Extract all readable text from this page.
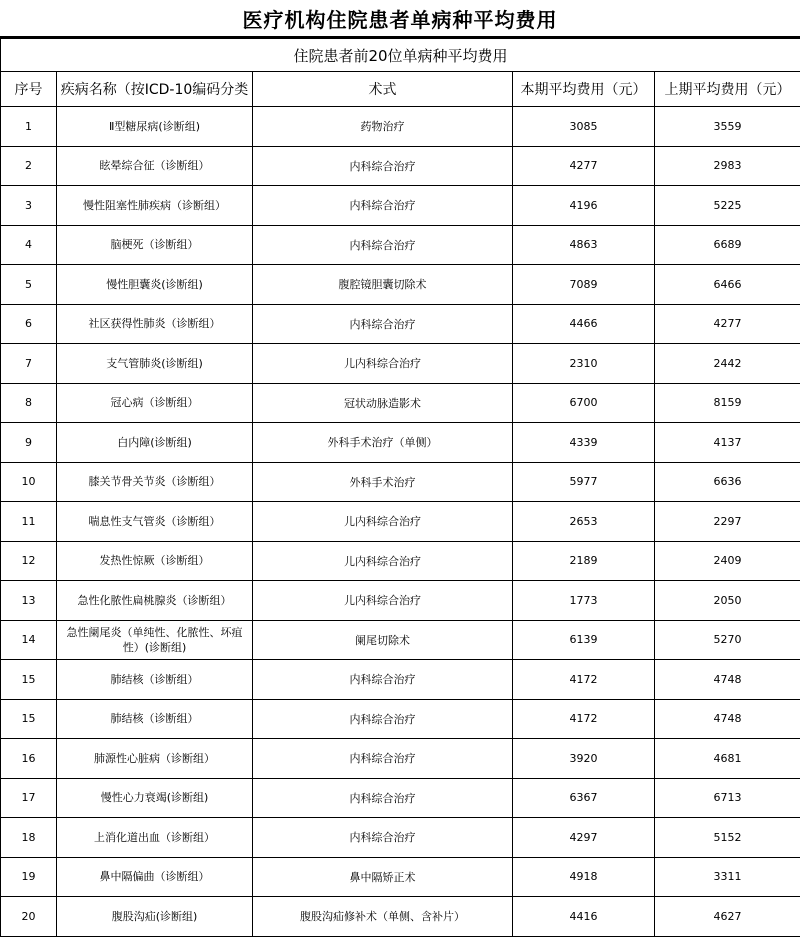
医疗机构住院患者单病种平均费用
住院患者前20位单病种平均费用				
序号	疾病名称（按ICD-10编码分类	术式	本期平均费用（元）	上期平均费用（元）
1	Ⅱ型糖尿病(诊断组)	药物治疗	3085	3559
2	眩晕综合征（诊断组）	内科综合治疗	4277	2983
3	慢性阻塞性肺疾病（诊断组）	内科综合治疗	4196	5225
4	脑梗死（诊断组）	内科综合治疗	4863	6689
5	慢性胆囊炎(诊断组)	腹腔镜胆囊切除术	7089	6466
6	社区获得性肺炎（诊断组）	内科综合治疗	4466	4277
7	支气管肺炎(诊断组)	儿内科综合治疗	2310	2442
8	冠心病（诊断组）	冠状动脉造影术	6700	8159
9	白内障(诊断组)	外科手术治疗（单侧）	4339	4137
10	膝关节骨关节炎（诊断组）	外科手术治疗	5977	6636
11	喘息性支气管炎（诊断组）	儿内科综合治疗	2653	2297
12	发热性惊厥（诊断组）	儿内科综合治疗	2189	2409
13	急性化脓性扁桃腺炎（诊断组）	儿内科综合治疗	1773	2050
14	急性阑尾炎（单纯性、化脓性、坏疽性）(诊断组)	阑尾切除术	6139	5270
15	肺结核（诊断组）	内科综合治疗	4172	4748
15	肺结核（诊断组）	内科综合治疗	4172	4748
16	肺源性心脏病（诊断组）	内科综合治疗	3920	4681
17	慢性心力衰竭(诊断组)	内科综合治疗	6367	6713
18	上消化道出血（诊断组）	内科综合治疗	4297	5152
19	鼻中隔偏曲（诊断组）	鼻中隔矫正术	4918	3311
20	腹股沟疝(诊断组)	腹股沟疝修补术（单侧、含补片）	4416	4627
